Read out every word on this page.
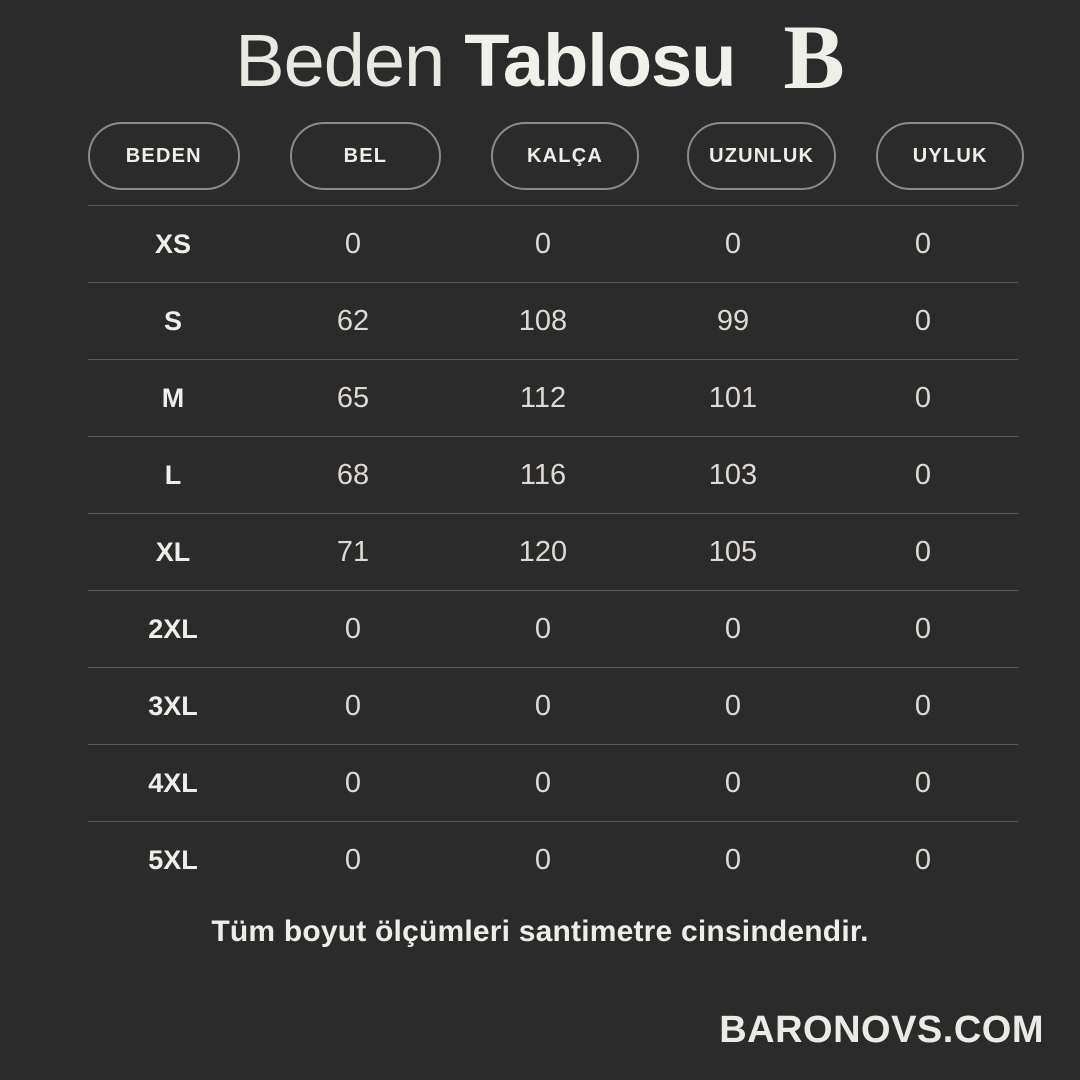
Beden Tablosu B
BEDEN	BEL	KALÇA	UZUNLUK	UYLUK
XS	0	0	0	0
S	62	108	99	0
M	65	112	101	0
L	68	116	103	0
XL	71	120	105	0
2XL	0	0	0	0
3XL	0	0	0	0
4XL	0	0	0	0
5XL	0	0	0	0
Tüm boyut ölçümleri santimetre cinsindendir.
BARONOVS.COM
